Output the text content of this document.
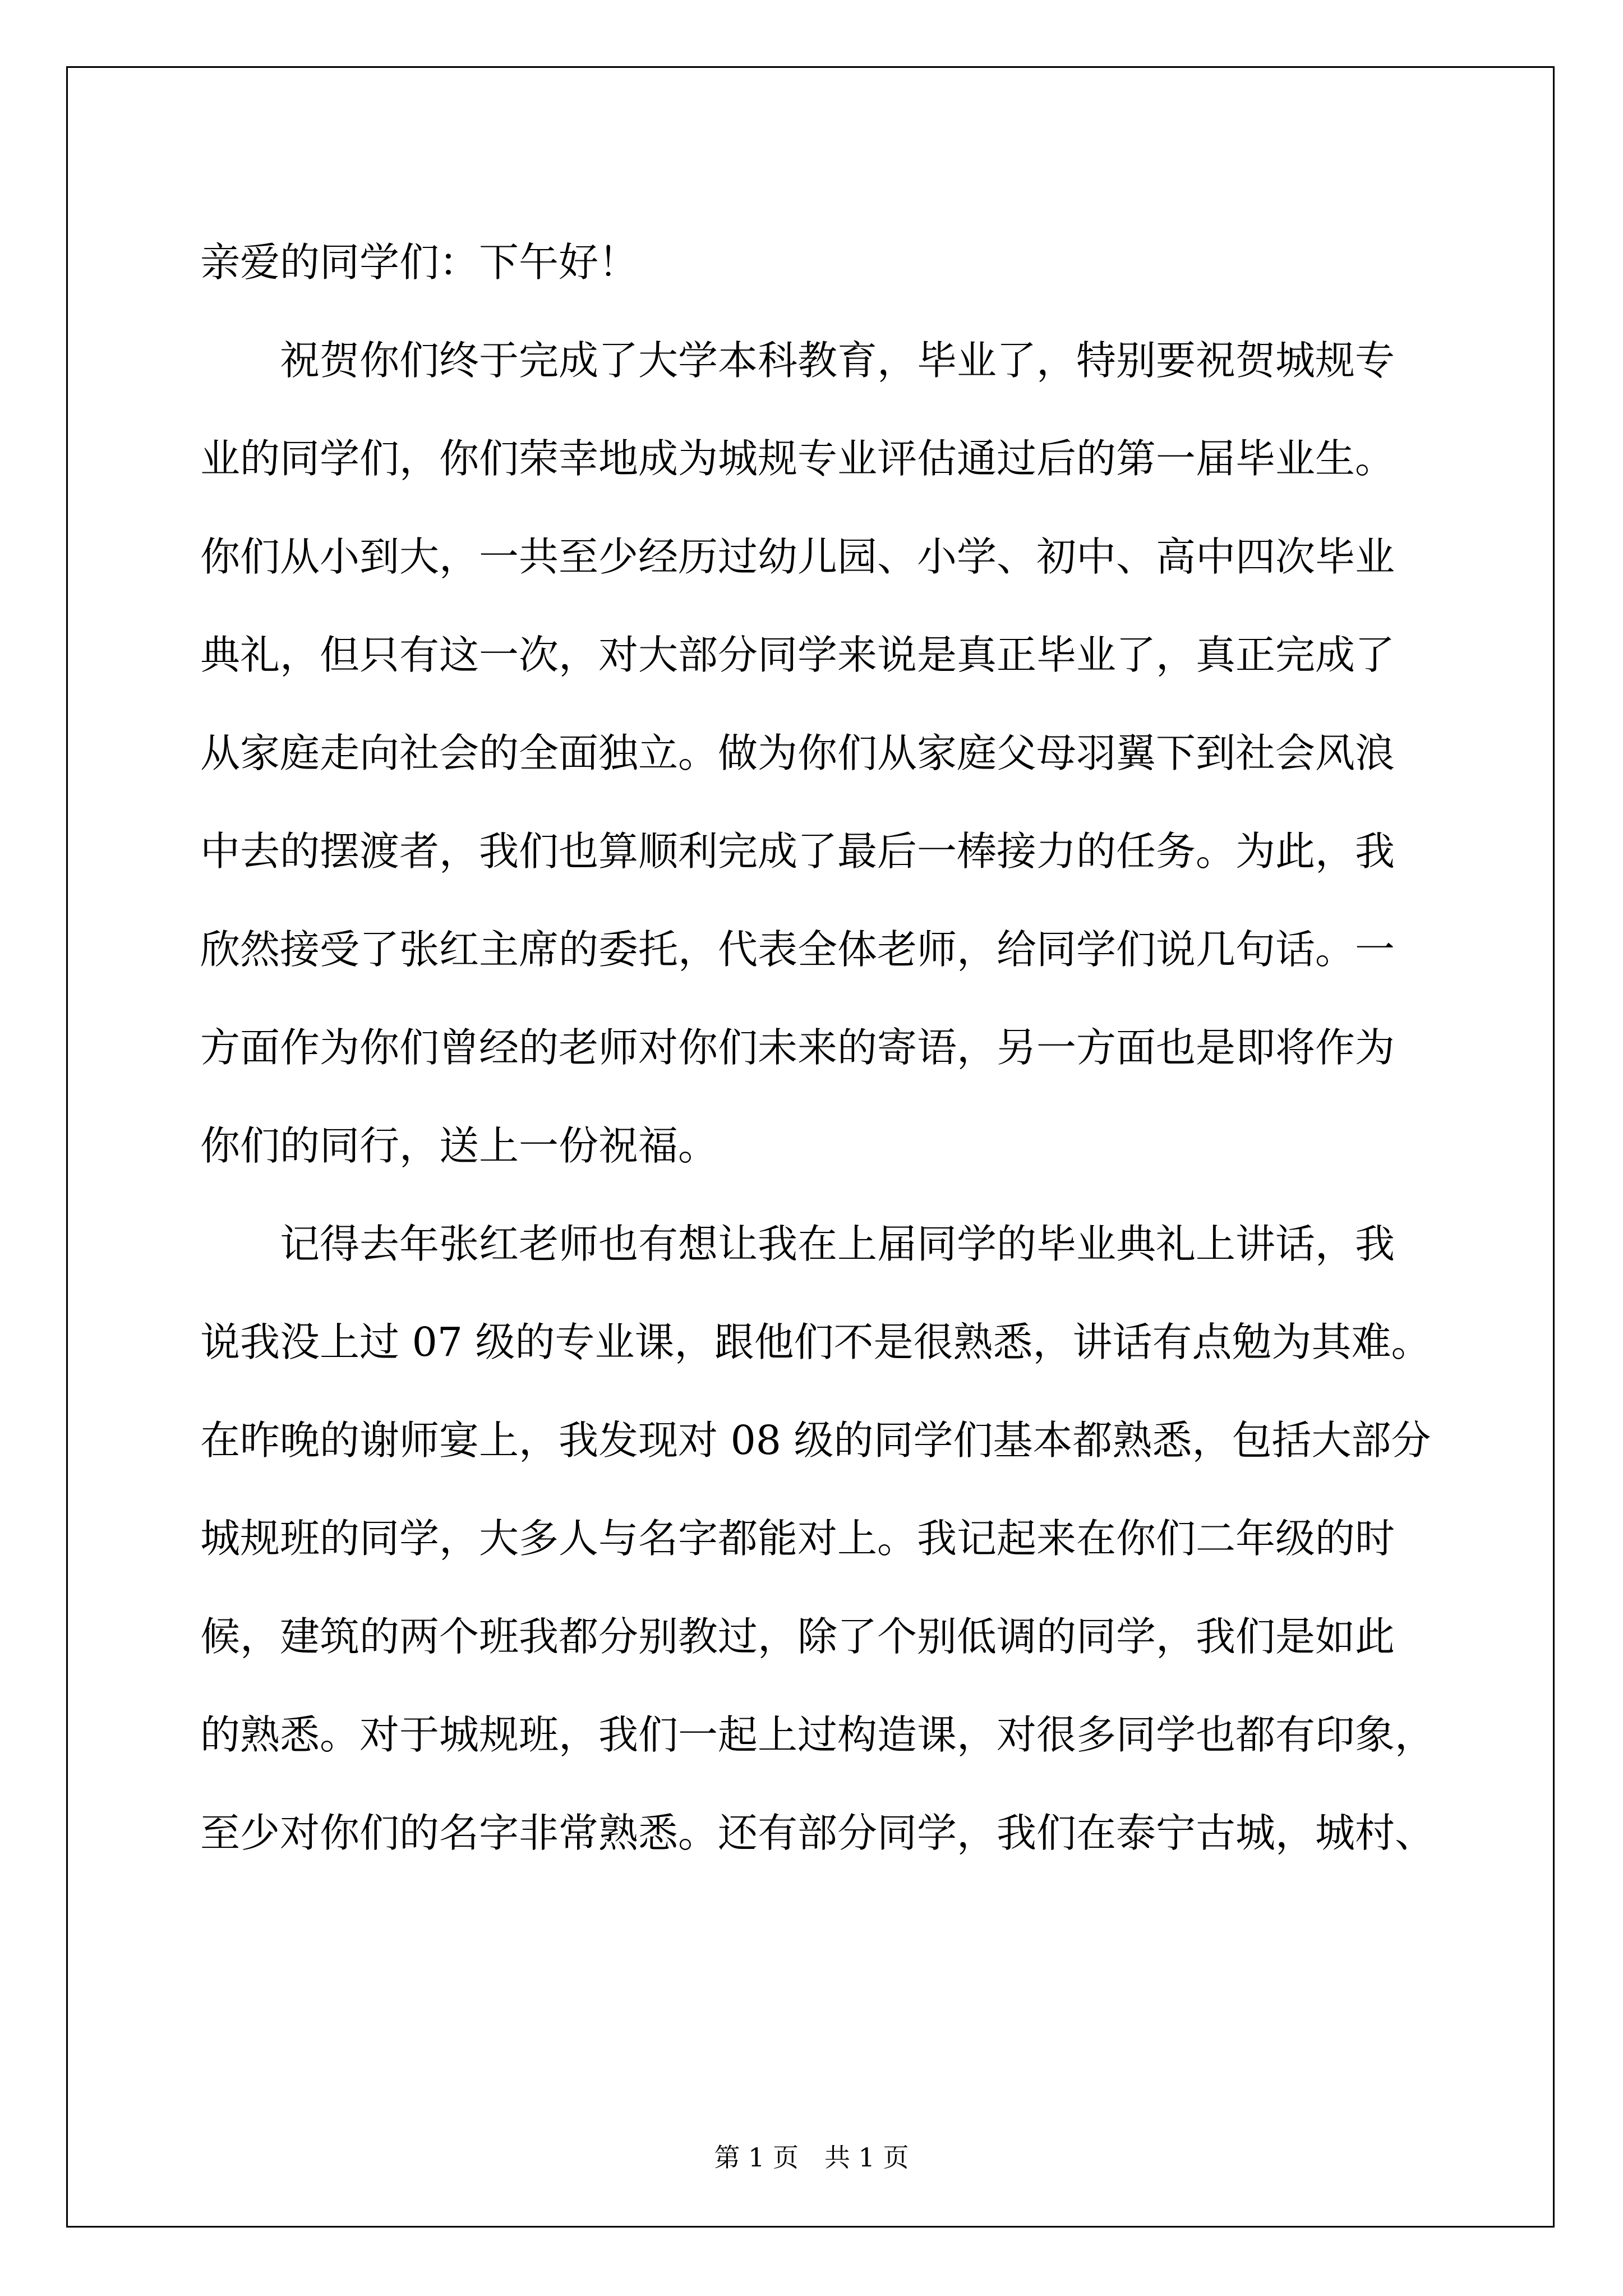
亲爱的同学们：下午好！
祝贺你们终于完成了大学本科教育，毕业了，特别要祝贺城规专
业的同学们，你们荣幸地成为城规专业评估通过后的第一届毕业生。
你们从小到大，一共至少经历过幼儿园、小学、初中、高中四次毕业
典礼，但只有这一次，对大部分同学来说是真正毕业了，真正完成了
从家庭走向社会的全面独立。做为你们从家庭父母羽翼下到社会风浪
中去的摆渡者，我们也算顺利完成了最后一棒接力的任务。为此，我
欣然接受了张红主席的委托，代表全体老师，给同学们说几句话。一
方面作为你们曾经的老师对你们未来的寄语，另一方面也是即将作为
你们的同行，送上一份祝福。
记得去年张红老师也有想让我在上届同学的毕业典礼上讲话，我
说我没上过 07 级的专业课，跟他们不是很熟悉，讲话有点勉为其难。
在昨晚的谢师宴上，我发现对 08 级的同学们基本都熟悉，包括大部分
城规班的同学，大多人与名字都能对上。我记起来在你们二年级的时
候，建筑的两个班我都分别教过，除了个别低调的同学，我们是如此
的熟悉。对于城规班，我们一起上过构造课，对很多同学也都有印象，
至少对你们的名字非常熟悉。还有部分同学，我们在泰宁古城，城村、
第 1 页 共 1 页
